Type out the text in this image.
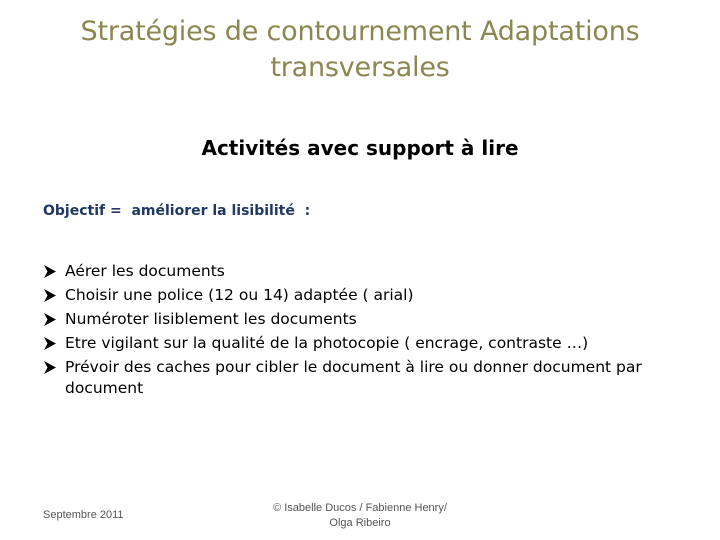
Stratégies de contournement Adaptations
transversales
Activités avec support à lire
Objectif =  améliorer la lisibilité  :
Aérer les documents
Choisir une police (12 ou 14) adaptée ( arial)
Numéroter lisiblement les documents
Etre vigilant sur la qualité de la photocopie ( encrage, contraste …)
Prévoir des caches pour cibler le document à lire ou donner document par document
Septembre 2011
© Isabelle Ducos / Fabienne Henry/
Olga Ribeiro
